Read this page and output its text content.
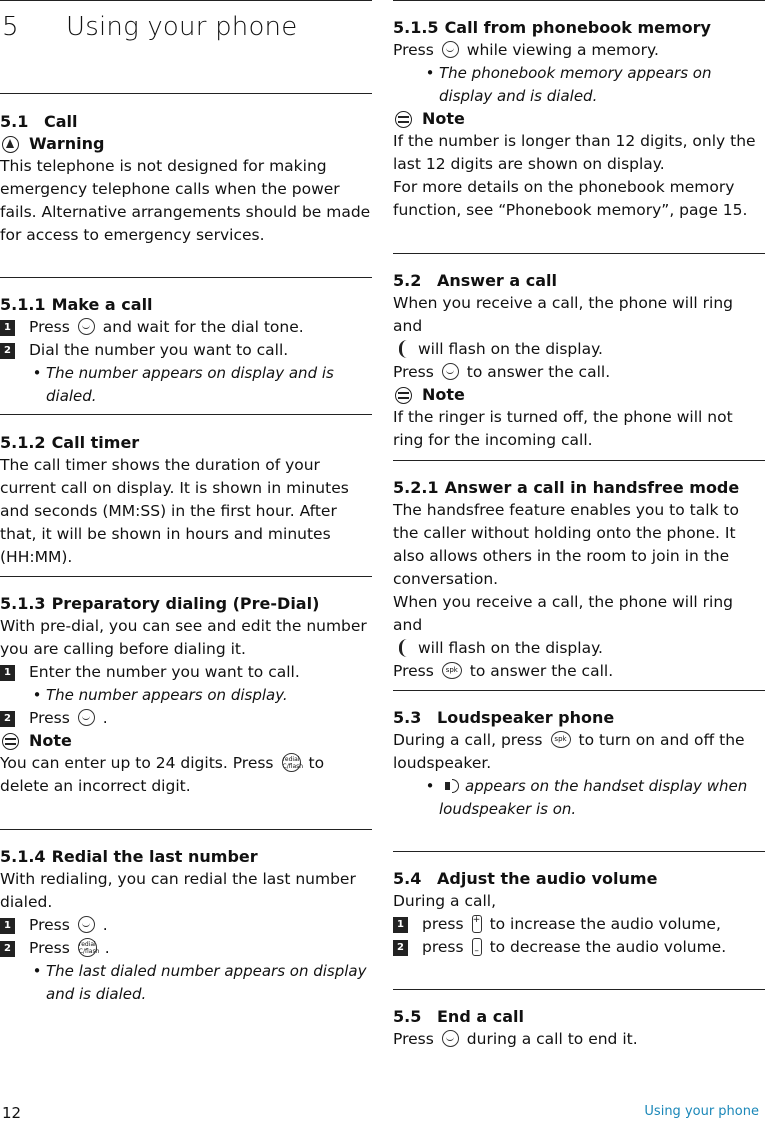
5 Using your phone
5.1 Call
Warning

This telephone is not designed for making emergency telephone calls when the power fails. Alternative arrangements should be made for access to emergency services.

5.1.1 Make a call
1 Press and wait for the dial tone.
2 Dial the number you want to call.
• The number appears on display and is dialed.
5.1.2 Call timer

The call timer shows the duration of your current call on display. It is shown in minutes and seconds (MM:SS) in the first hour. After that, it will be shown in hours and minutes (HH:MM).

5.1.3 Preparatory dialing (Pre-Dial)

With pre-dial, you can see and edit the number you are calling before dialing it.

1 Enter the number you want to call.
• The number appears on display.
2 Press .
Note

You can enter up to 24 digits. Press redial C/flash to delete an incorrect digit.

5.1.4 Redial the last number

With redialing, you can redial the last number dialed.

1 Press .
2 Press redial C/flash .
• The last dialed number appears on display and is dialed.
5.1.5 Call from phonebook memory

Press while viewing a memory.

• The phonebook memory appears on display and is dialed.
Note

If the number is longer than 12 digits, only the last 12 digits are shown on display.

For more details on the phonebook memory function, see “Phonebook memory”, page 15.

5.2 Answer a call

When you receive a call, the phone will ring and
will flash on the display.

Press to answer the call.

Note

If the ringer is turned off, the phone will not ring for the incoming call.

5.2.1 Answer a call in handsfree mode

The handsfree feature enables you to talk to the caller without holding onto the phone. It also allows others in the room to join in the conversation.

When you receive a call, the phone will ring and
will flash on the display.

Press spk to answer the call.

5.3 Loudspeaker phone

During a call, press spk to turn on and off the loudspeaker.

•	appears on the handset display when loudspeaker is on.
5.4 Adjust the audio volume

During a call,

1 press + to increase the audio volume,
2 press	– to decrease the audio volume.
5.5 End a call

Press during a call to end it.

12	Using your phone
